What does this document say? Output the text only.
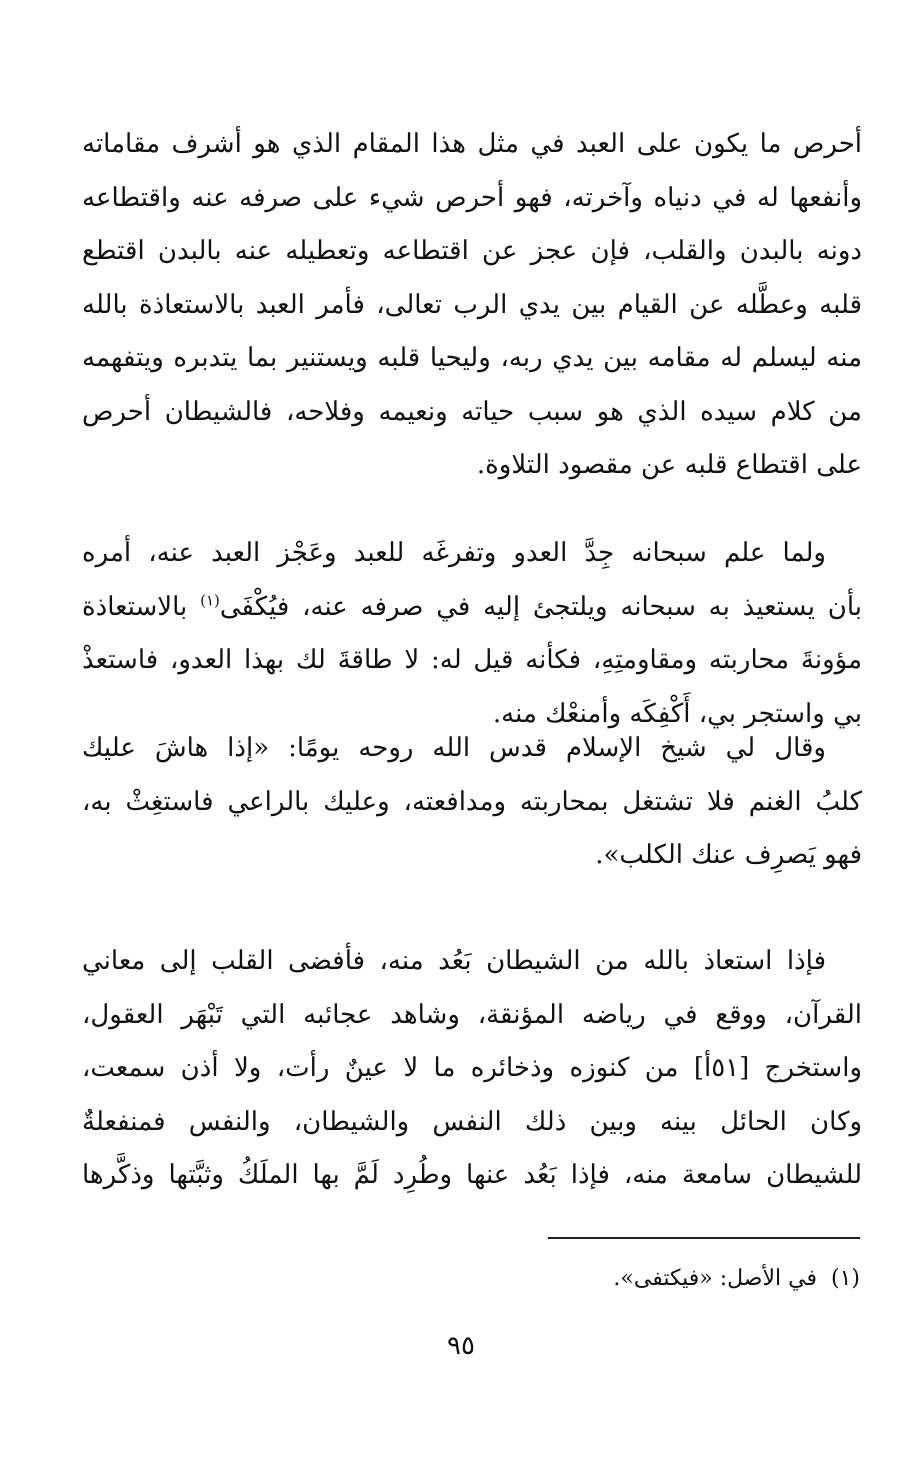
أحرص ما يكون على العبد في مثل هذا المقام الذي هو أشرف مقاماته
وأنفعها له في دنياه وآخرته، فهو أحرص شيء على صرفه عنه واقتطاعه
دونه بالبدن والقلب، فإن عجز عن اقتطاعه وتعطيله عنه بالبدن اقتطع
قلبه وعطَّله عن القيام بين يدي الرب تعالى، فأمر العبد بالاستعاذة بالله
منه ليسلم له مقامه بين يدي ربه، وليحيا قلبه ويستنير بما يتدبره ويتفهمه
من كلام سيده الذي هو سبب حياته ونعيمه وفلاحه، فالشيطان أحرص
على اقتطاع قلبه عن مقصود التلاوة.
ولما علم سبحانه جِدَّ العدو وتفرغَه للعبد وعَجْز العبد عنه، أمره
بأن يستعيذ به سبحانه ويلتجئ إليه في صرفه عنه، فيُكْفَى$^{(١)}$ بالاستعاذة
مؤونةَ محاربته ومقاومتِهِ، فكأنه قيل له: لا طاقةَ لك بهذا العدو، فاستعذْ
بي واستجر بي، أَكْفِكَه وأمنعْك منه.
وقال لي شيخ الإسلام قدس الله روحه يومًا: «إذا هاشَ عليك
كلبُ الغنم فلا تشتغل بمحاربته ومدافعته، وعليك بالراعي فاستغِثْ به،
فهو يَصرِف عنك الكلب».
فإذا استعاذ بالله من الشيطان بَعُد منه، فأفضى القلب إلى معاني
القرآن، ووقع في رياضه المؤنقة، وشاهد عجائبه التي تَبْهَر العقول،
واستخرج [٥١أ] من كنوزه وذخائره ما لا عينٌ رأت، ولا أذن سمعت،
وكان الحائل بينه وبين ذلك النفس والشيطان، والنفس فمنفعلةٌ
للشيطان سامعة منه، فإذا بَعُد عنها وطُرِد لَمَّ بها الملَكُ وثبَّتها وذكَّرها
(١)في الأصل: «فيكتفى».
٩٥
